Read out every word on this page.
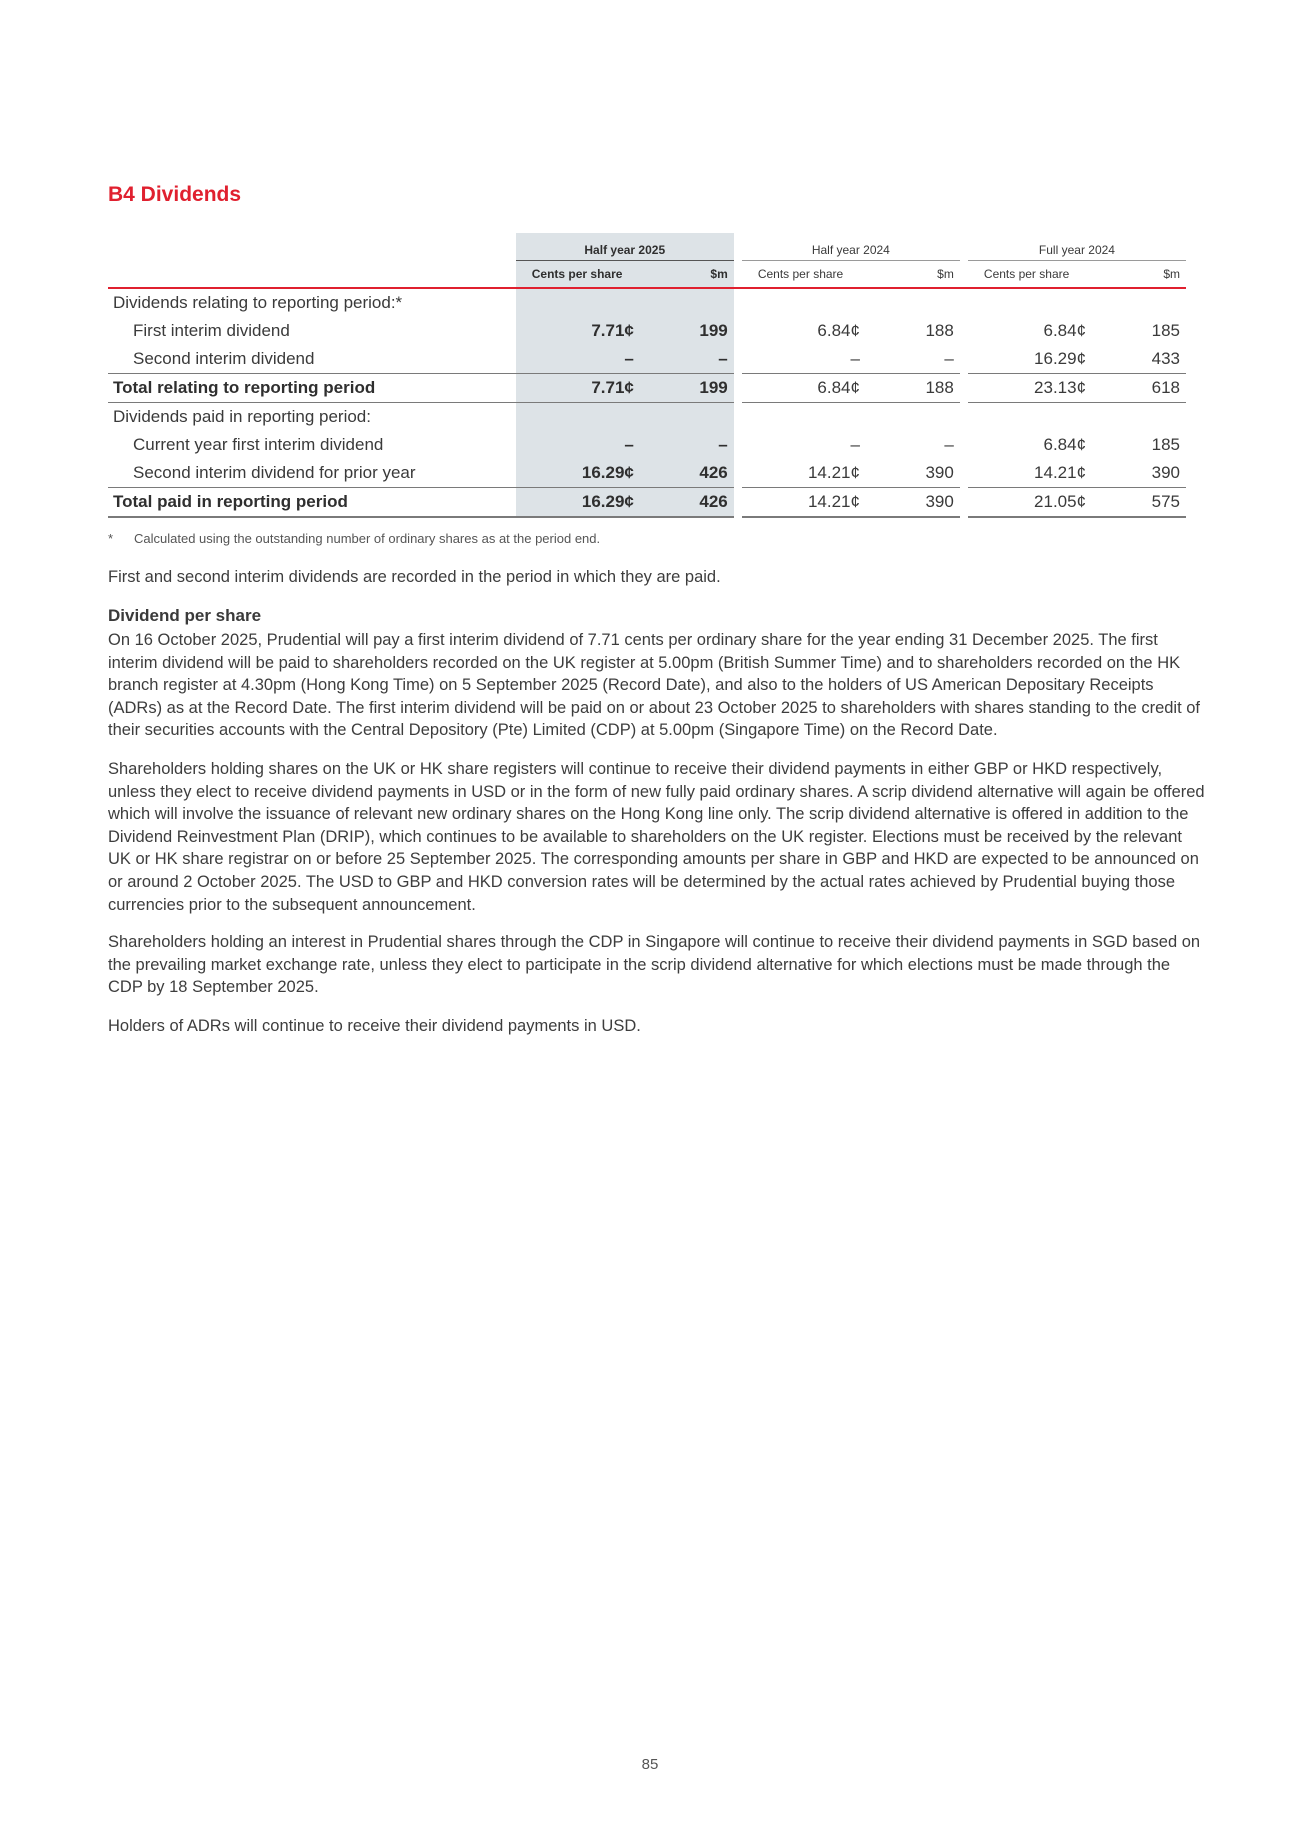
B4 Dividends
	Half year 2025			Half year 2024			Full year 2024	
	Cents per share	$m		Cents per share	$m		Cents per share	$m
Dividends relating to reporting period:*								
First interim dividend	7.71¢	199		6.84¢	188		6.84¢	185
Second interim dividend	–	–		–	–		16.29¢	433
Total relating to reporting period	7.71¢	199		6.84¢	188		23.13¢	618
Dividends paid in reporting period:								
Current year first interim dividend	–	–		–	–		6.84¢	185
Second interim dividend for prior year	16.29¢	426		14.21¢	390		14.21¢	390
Total paid in reporting period	16.29¢	426		14.21¢	390		21.05¢	575
* Calculated using the outstanding number of ordinary shares as at the period end.

First and second interim dividends are recorded in the period in which they are paid.

Dividend per share

On 16 October 2025, Prudential will pay a first interim dividend of 7.71 cents per ordinary share for the year ending 31 December 2025. The first interim dividend will be paid to shareholders recorded on the UK register at 5.00pm (British Summer Time) and to shareholders recorded on the HK branch register at 4.30pm (Hong Kong Time) on 5 September 2025 (Record Date), and also to the holders of US American Depositary Receipts (ADRs) as at the Record Date. The first interim dividend will be paid on or about 23 October 2025 to shareholders with shares standing to the credit of their securities accounts with the Central Depository (Pte) Limited (CDP) at 5.00pm (Singapore Time) on the Record Date.

Shareholders holding shares on the UK or HK share registers will continue to receive their dividend payments in either GBP or HKD respectively, unless they elect to receive dividend payments in USD or in the form of new fully paid ordinary shares. A scrip dividend alternative will again be offered which will involve the issuance of relevant new ordinary shares on the Hong Kong line only. The scrip dividend alternative is offered in addition to the Dividend Reinvestment Plan (DRIP), which continues to be available to shareholders on the UK register. Elections must be received by the relevant UK or HK share registrar on or before 25 September 2025. The corresponding amounts per share in GBP and HKD are expected to be announced on or around 2 October 2025. The USD to GBP and HKD conversion rates will be determined by the actual rates achieved by Prudential buying those currencies prior to the subsequent announcement.

Shareholders holding an interest in Prudential shares through the CDP in Singapore will continue to receive their dividend payments in SGD based on the prevailing market exchange rate, unless they elect to participate in the scrip dividend alternative for which elections must be made through the CDP by 18 September 2025.

Holders of ADRs will continue to receive their dividend payments in USD.

85
